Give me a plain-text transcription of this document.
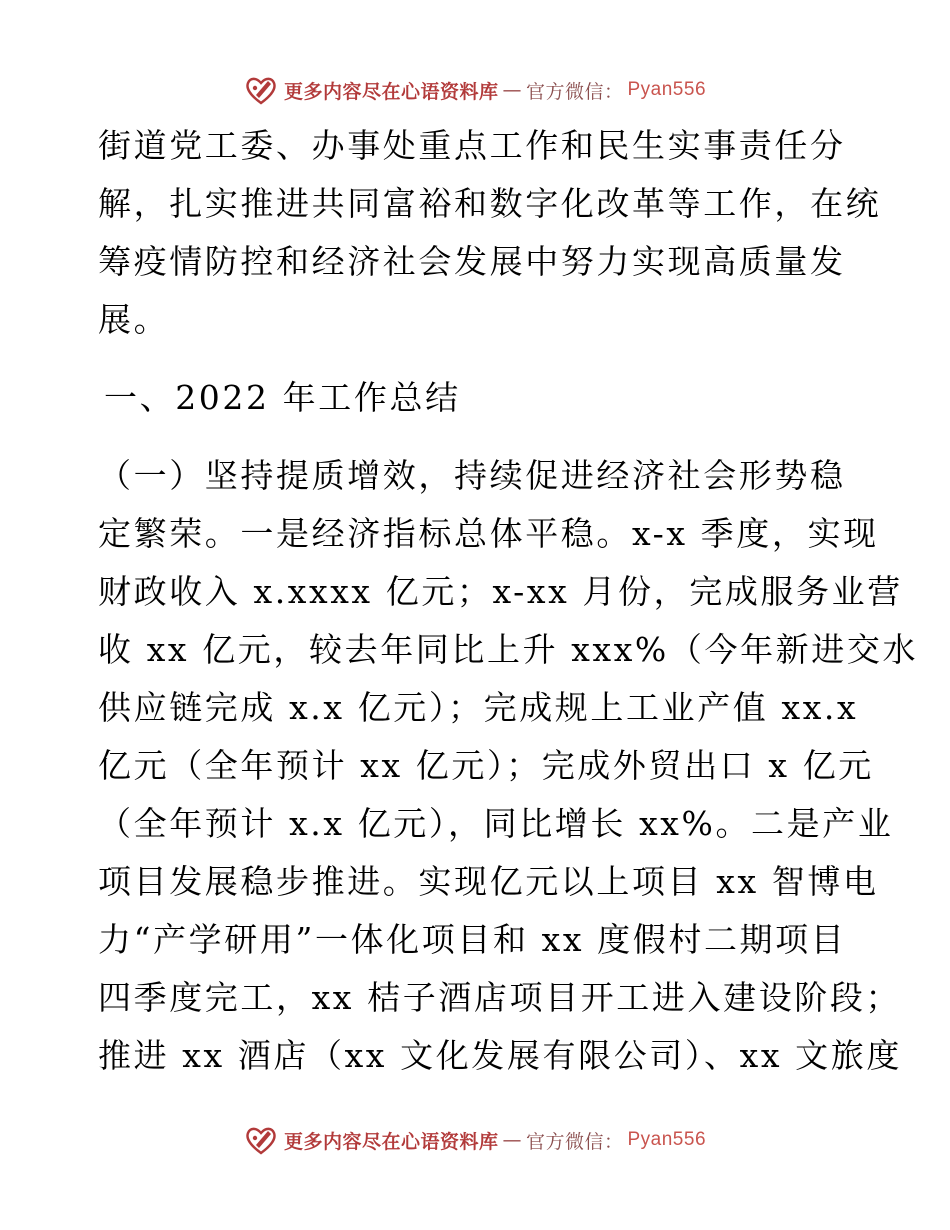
更多内容尽在心语资料库 — 官方微信： Pyan556
街道党工委、办事处重点工作和民生实事责任分
解，扎实推进共同富裕和数字化改革等工作，在统
筹疫情防控和经济社会发展中努力实现高质量发
展。
一、2022 年工作总结
（一）坚持提质增效，持续促进经济社会形势稳
定繁荣。一是经济指标总体平稳。x-x 季度，实现
财政收入 x.xxxx 亿元；x-xx 月份，完成服务业营
收 xx 亿元，较去年同比上升 xxx%（今年新进交水
供应链完成 x.x 亿元）；完成规上工业产值 xx.x
亿元（全年预计 xx 亿元）；完成外贸出口 x 亿元
（全年预计 x.x 亿元），同比增长 xx%。二是产业
项目发展稳步推进。实现亿元以上项目 xx 智博电
力“产学研用”一体化项目和 xx 度假村二期项目
四季度完工，xx 桔子酒店项目开工进入建设阶段；
推进 xx 酒店（xx 文化发展有限公司）、xx 文旅度
更多内容尽在心语资料库 — 官方微信： Pyan556
